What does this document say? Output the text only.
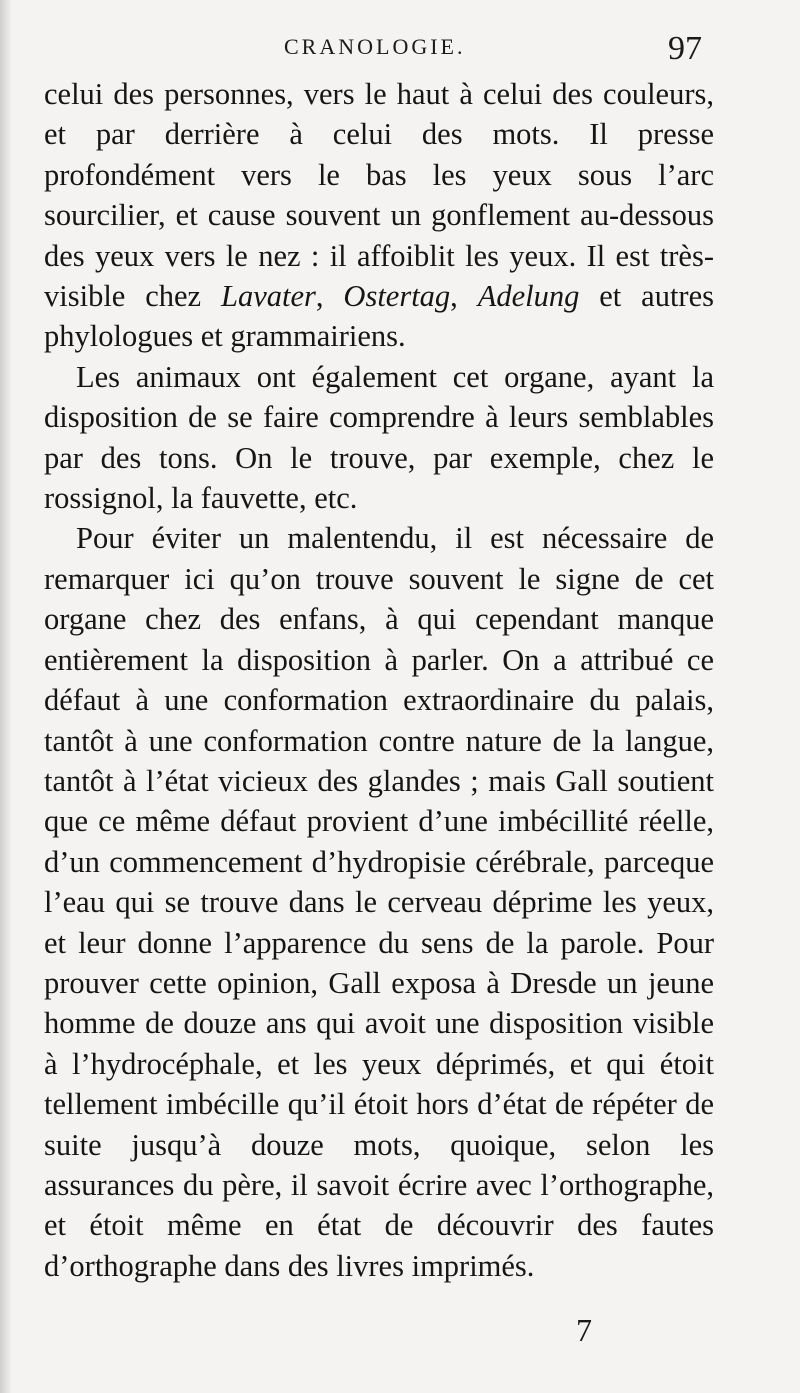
CRANOLOGIE.	97

celui des personnes, vers le haut à celui des couleurs, et par derrière à celui des mots. Il presse profondément vers le bas les yeux sous l’arc sourcilier, et cause souvent un gonflement au-dessous des yeux vers le nez : il affoiblit les yeux. Il est très-visible chez Lavater, Ostertag, Adelung et autres phylologues et grammairiens.

Les animaux ont également cet organe, ayant la disposition de se faire comprendre à leurs semblables par des tons. On le trouve, par exemple, chez le rossignol, la fauvette, etc.

Pour éviter un malentendu, il est nécessaire de remarquer ici qu’on trouve souvent le signe de cet organe chez des enfans, à qui cependant manque entièrement la disposition à parler. On a attribué ce défaut à une conformation extraordinaire du palais, tantôt à une conformation contre nature de la langue, tantôt à l’état vicieux des glandes ; mais Gall soutient que ce même défaut provient d’une imbécillité réelle, d’un commencement d’hydropisie cérébrale, parceque l’eau qui se trouve dans le cerveau déprime les yeux, et leur donne l’apparence du sens de la parole. Pour prouver cette opinion, Gall exposa à Dresde un jeune homme de douze ans qui avoit une disposition visible à l’hydrocéphale, et les yeux déprimés, et qui étoit tellement imbécille qu’il étoit hors d’état de répéter de suite jusqu’à douze mots, quoique, selon les assurances du père, il savoit écrire avec l’orthographe, et étoit même en état de découvrir des fautes d’orthographe dans des livres imprimés.

7
